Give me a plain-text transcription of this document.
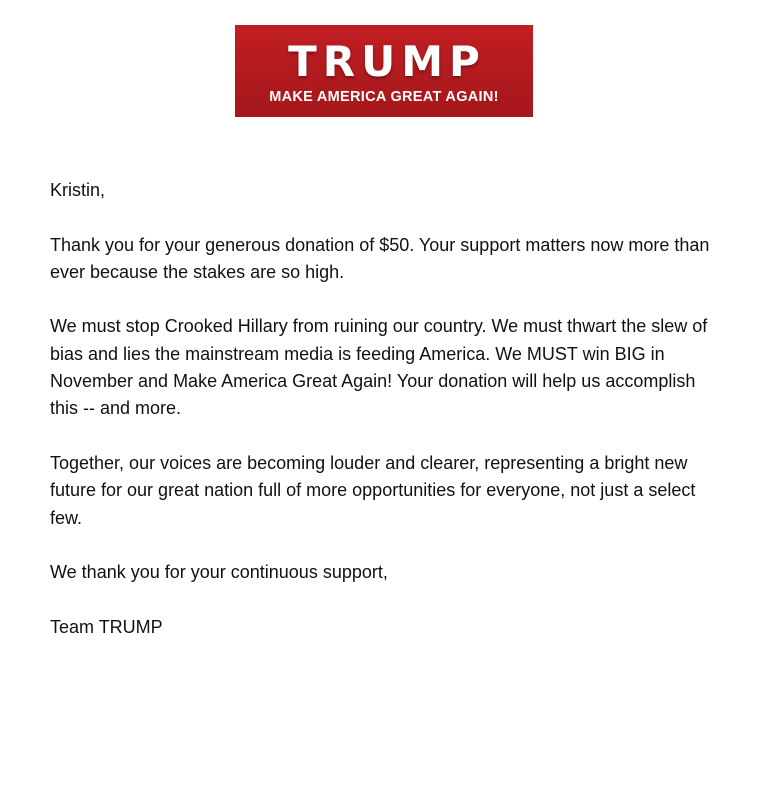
TRUMP
MAKE AMERICA GREAT AGAIN!

Kristin,

Thank you for your generous donation of $50. Your support matters now more than ever because the stakes are so high.

We must stop Crooked Hillary from ruining our country. We must thwart the slew of bias and lies the mainstream media is feeding America. We MUST win BIG in November and Make America Great Again! Your donation will help us accomplish this -- and more.

Together, our voices are becoming louder and clearer, representing a bright new future for our great nation full of more opportunities for everyone, not just a select few.

We thank you for your continuous support,

Team TRUMP
